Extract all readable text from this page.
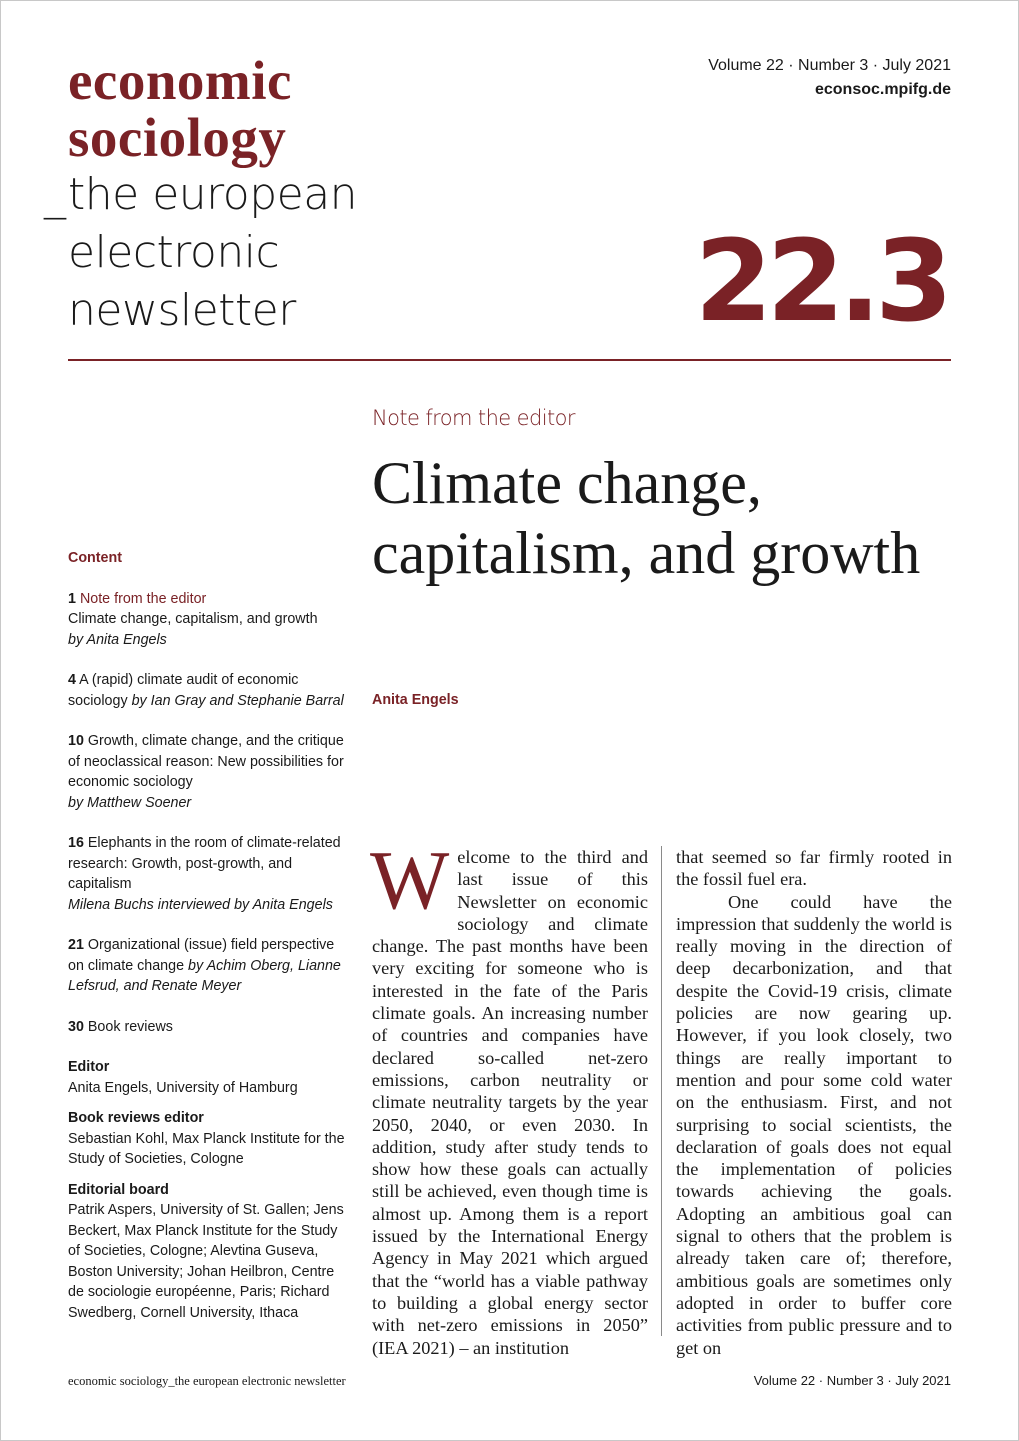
economic
sociology
_the european
electronic
newsletter
Volume 22 · Number 3 · July 2021
econsoc.mpifg.de
22.3
Content
1 Note from the editor
Climate change, capitalism, and growth
by Anita Engels
4 A (rapid) climate audit of economic sociology by Ian Gray and Stephanie Barral
10 Growth, climate change, and the critique of neoclassical reason: New possibilities for economic sociology
by Matthew Soener
16 Elephants in the room of climate-related research: Growth, post-growth, and capitalism
Milena Buchs interviewed by Anita Engels
21 Organizational (issue) field perspective on climate change by Achim Oberg, Lianne Lefsrud, and Renate Meyer
30 Book reviews
Editor
Anita Engels, University of Hamburg
Book reviews editor
Sebastian Kohl, Max Planck Institute for the Study of Societies, Cologne
Editorial board
Patrik Aspers, University of St. Gallen; Jens Beckert, Max Planck Institute for the Study of Societies, Cologne; Alevtina Guseva, Boston University; Johan Heilbron, Centre de sociologie européenne, Paris; Richard Swedberg, Cornell University, Ithaca
Note from the editor
Climate change, capitalism, and growth
Anita Engels
W elcome to the third and last issue of this Newsletter on economic sociology and climate change. The past months have been very exciting for someone who is interested in the fate of the Paris climate goals. An increasing number of countries and companies have declared so-called net-zero emissions, carbon neutrality or climate neutrality targets by the year 2050, 2040, or even 2030. In addition, study after study tends to show how these goals can actually still be achieved, even though time is almost up. Among them is a report issued by the International Energy Agency in May 2021 which argued that the “world has a viable pathway to building a global energy sector with net-zero emissions in 2050” (IEA 2021) – an institution

that seemed so far firmly rooted in the fossil fuel era.

One could have the impression that suddenly the world is really moving in the direction of deep decarbonization, and that despite the Covid-19 crisis, climate policies are now gearing up. However, if you look closely, two things are really important to mention and pour some cold water on the enthusiasm. First, and not surprising to social scientists, the declaration of goals does not equal the implementation of policies towards achieving the goals. Adopting an ambitious goal can signal to others that the problem is already taken care of; therefore, ambitious goals are sometimes only adopted in order to buffer core activities from public pressure and to get on

economic sociology_the european electronic newsletter	Volume 22 · Number 3 · July 2021
